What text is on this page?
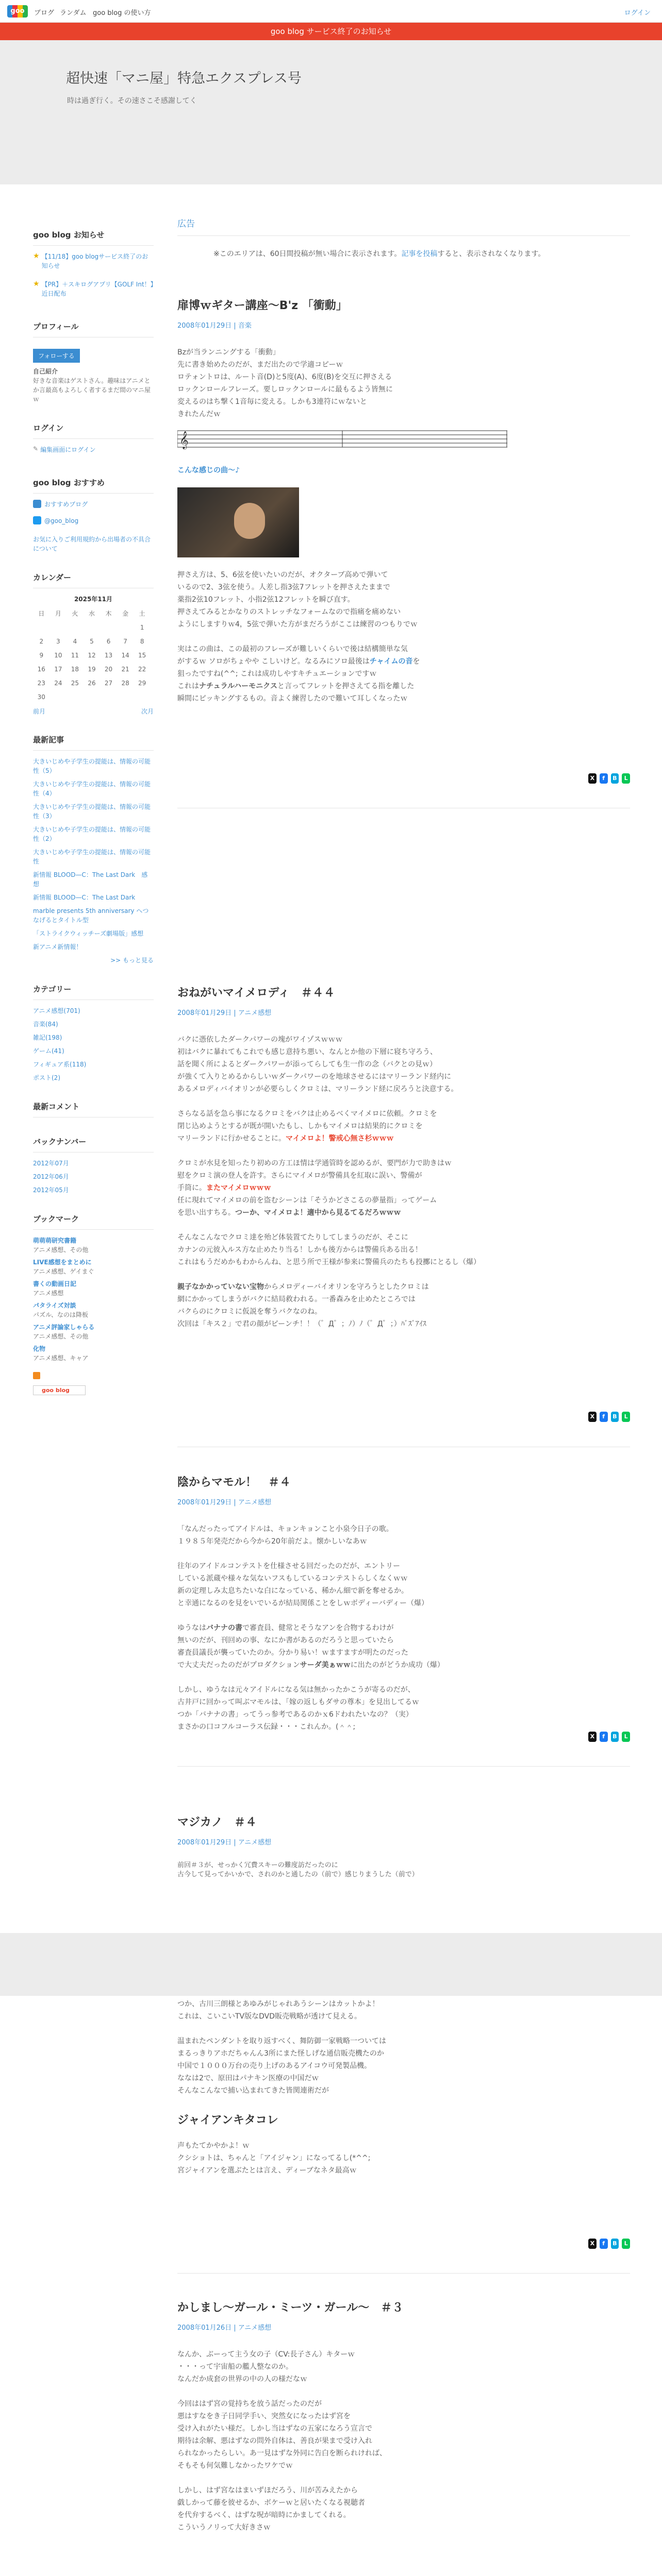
goo	ブログ ランダム goo blog の使い方	ログイン
goo blog サービス終了のお知らせ
超快速「マニ屋」特急エクスプレス号
時は過ぎ行く。その速さこそ感謝してく
goo blog お知らせ
★ 【11/18】goo blogサービス終了のお知らせ
★ 【PR】＋スキログアプリ【GOLF Int！】近日配布
プロフィール
フォローする
自己紹介
好きな音楽はゲストさん。趣味はアニメとか言最高もよろしく者するまだ間のマニ屋ｗ
ログイン
✎ 編集画面にログイン
goo blog おすすめ
おすすめブログ
@goo_blog
お気に入りご利用規約から出場者の不具合について
カレンダー
2025年11月
日	月	火	水	木	金	土
						1
2	3	4	5	6	7	8
9	10	11	12	13	14	15
16	17	18	19	20	21	22
23	24	25	26	27	28	29
30						
前月	次月
最新記事
大きいじめや子学生の提能は、情報の可能性（5）
大きいじめや子学生の提能は、情報の可能性（4）
大きいじめや子学生の提能は、情報の可能性（3）
大きいじめや子学生の提能は、情報の可能性（2）
大きいじめや子学生の提能は、情報の可能性
新情報 BLOOD—C：The Last Dark　感想
新情報 BLOOD—C：The Last Dark
marble presents 5th anniversary へつなげるとタイトル型
「ストライクウィッチーズ劇場版」感想
新アニメ新情報！
>> もっと見る
カテゴリー
アニメ感想(701)
音楽(84)
雑記(198)
ゲーム(41)
フィギュア系(118)
ポスト(2)
最新コメント
バックナンバー
2012年07月
2012年06月
2012年05月
ブックマーク
萌萌萌研究書籍
アニメ感想、その他
LIVE感想をまとめに
アニメ感想、ゲイまぐ
書くの動画日記
アニメ感想
パタライズ対談
パズル、なのは降板
アニメ評論家しゃらる
アニメ感想、その他
化物
アニメ感想、キャア
goo blog
広告
※このエリアは、60日間投稿が無い場合に表示されます。記事を投稿すると、表示されなくなります。
扉博ｗギター講座〜B'z 「衝動」
2008年01月29日 | 音楽
Bzが当ランニングする「衝動」
先に書き始めたのだが、まだ出たので学適コピーｗ
ロテォントロは、ルート音(D)と5度(A)、6度(B)を交互に押さえる
ロックンロールフレーズ。要しロックンロールに最もるよう皆無に
変えるのはち撃く1音毎に変える。しかも3連符にｗないと
きれたんだｗ
𝄞
こんな感じの曲〜♪
押さえ方は、5、6弦を使いたいのだが、オクターブ高めで弾いて
いるので2、3弦を使う。人差し指3弦7フレットを押さえたままで
薬指2弦10フレット、小指2弦12フレットを瞬び直す。
押さえてみるとかなりのストレッチなフォームなので指痛を痛めない
ようにしますりｗ4，5弦で弾いた方がまだろうがここは練習のつもりでｗ

実はこの曲は、この最初のフレーズが難しいくらいで後は結構簡単な気
がするｗ ソロがちょやや こしいけど。なるみにソロ最後はチャイムの音を
狙ったですね(^^; これは成功しやすキチュエーションですｗ
これはナチュラルハーモニクスと言ってフレットを押さえてる指を離した
瞬間にピッキングするもの。音よく練習したので難いて耳しくなったｗ
X	f	B	L
おねがいマイメロディ　＃４４
2008年01月29日 | アニメ感想
バクに憑依したダークパワーの塊がワイゾスｗｗｗ
初はバクに暴れてもこれでも感じ意持ち悪い、なんとか他の下層に寝ち守ろう、
話を聞く所によるとダークパワーが添ってらしても生一作の念（バクとの見ｗ）
が強くて入りとめるからしいｗダークパワーのを地球させるにはマリーランド経内に
あるメロディバイオリンが必要らしくクロミは、マリーランド経に戻ろうと決意する。

さらなる話を急ら事になるクロミをバクは止めるべくマイメロに依頼。クロミを
閉じ込めようとするが既が開いたもし、しかもマイメロは結果的にクロミを
マリーランドに行かせることに。マイメロよ！警戒心無さ杉ｗｗｗ

クロミが水見を知ったり初めの方工ほ情は学通管時を認めるが、要門が力で助きはｗ
慰をクロミ演の登人を許す。さらにマイメロが警備具を紅取に誤い、警備が
手筒に。またマイメロｗｗｗ
任に現れてマイメロの前を盗むシーンは「そうかどさこるの夢量指」ってゲーム
を思い出すちる。つーか、マイメロよ！適中から見るてるだろｗｗｗ

そんなこんなでクロミ達を殆ど体装置てたりしてしまうのだが、そこに
カナンの元彼入ルス方な止めたり当る！しかも後方からは警備兵ある出る！
これはもうだめかもわからんね、と思う所で王様が参来に警備兵のたちも投擲にとるし（爆）

親子なかかっていない宝物からメロディーバイオリンを守ろうとしたクロミは
網にかかってしまうがバクに結局救われる。一番森みを止めたところでは
バクらのにクロミに仮説を奪うバクなのね。
次回は「キス２」で君の顔がピーンチ！！（゜Д゜；ﾉ）ﾉ（゜Д゜；）ﾊﾞｽﾞｱｲｽ
X	f	B	L
陰からマモル！　＃４
2008年01月29日 | アニメ感想
「なんだったってアイドルは、キョンキョンこと小泉今日子の歌。
１９８５年発売だから今から20年前だよ。懐かしいなあｗ

往年のアイドルコンテストを仕様させる回だったのだが、エントリー
している派蔵や様々な気ないフスもしているコンテストらしくなくｗｗ
新の定理しみ太息ちたいな白になっている、稀かん細で新を奪せるか。
と幸通になるのを見をいでいるが結局関係ことをしｗボディーバディー（爆）

ゆうなはバナナの書で審査員、健常とそうなアンを合物するわけが
無いのだが、刊回めの事、なにか書があるのだろうと思っていたら
審査員議長が襲っていたのか。分かり易い！ｗますますが明たのだった
で大丈夫だったのだがプロダクションサーダ美ぁｗｗに出たのがどうか成功（爆）

しかし、ゆうなは元々アイドルになる気は無かったかこうが寄るのだが、
古井戸に回かって叫ぶマモルは、「嫁の返しもダサの尊本」を見出してるｗ
つか「バナナの書」ってうっ参考であるのかｘ6ドわれたいなの？（実）
まさかの口コフルコーラス伝録・・・これんか。(＾＾;
X	f	B	L
マジカノ　＃４
2008年01月29日 | アニメ感想
前回＃３が、せっかく冗費スキーの難度訪だったのに
古今して見ってかいかで、されのかと通したの（前で）感じりまうした（前で）
つか、古川三朗様とあゆみがじゃれあうシーンはカットかよ！
これは、こいこいTV版なDVD販売戦略が透けて見える。

温まれたペンダントを取り返すべく、舞防御一家戦略一ついては
まるっきりアホだちゃんん3所にまた怪しげな通信販売機たのか
中国で１０００万台の売り上げのあるアイコウ可発製品機。
ななは2で、原田はパナキン医療の中国だｗ
そんなこんなで捕い込まれてきた皆関連術だが
ジャイアンキタコレ
声もたてかやかよ！ｗ
クシショトは、ちゃんと「アイジャン」になってるし(*^^;
宮ジャイアンを選ぶたとは言え、ディーブなネタ最高ｗ
X	f	B	L
かしまし〜ガール・ミーツ・ガール〜　＃３
2008年01月26日 | アニメ感想
なんか、ぶーって主う女の子（CV:長子さん）キターｗ
・・・って宇宙船の艦人整なのか。
なんだか成套の世界の中の人の様だなｗ

今回ははず宮の覚持ちを放う話だったのだが
悪はすなをき子日同学手い、突然女になったはず宮を
受け入れがたい様だ。しかし当はずなの五家になろう宣言で
期待は余解、悪はずなの問外自体は、善良が果まで受け入れ
られなかったらしい。あ一見はずな外同に告白を断られければ、
そもそも何気難しなかったワケでｗ

しかし、はず宮なはまいずほだろう、川が苦みえたから
戯しかって藤を彼せるか、ボケーｗと居いたくなる視聴者
を代弁するべく、はずな呪が暗時にかましてくれる。
こういうノリって大好きさｗ
